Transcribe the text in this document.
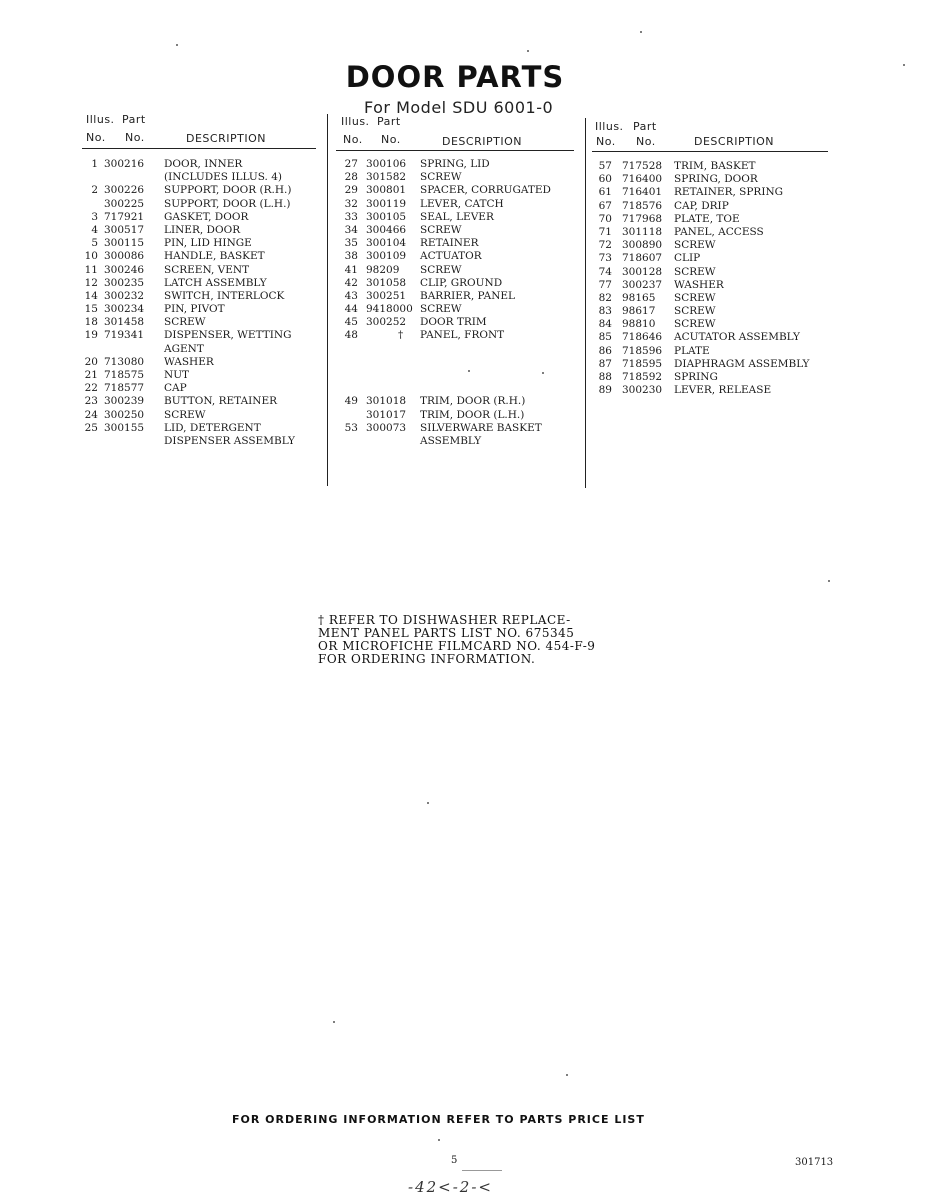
DOOR PARTS
For Model SDU 6001-0
Illus. Part
No. No.	DESCRIPTION
1 300216 DOOR, INNER
(INCLUDES ILLUS. 4)
2 300226 SUPPORT, DOOR (R.H.)
300225 SUPPORT, DOOR (L.H.)
3 717921 GASKET, DOOR
4 300517 LINER, DOOR
5 300115 PIN, LID HINGE
10 300086 HANDLE, BASKET
11 300246 SCREEN, VENT
12 300235 LATCH ASSEMBLY
14 300232 SWITCH, INTERLOCK
15 300234 PIN, PIVOT
18 301458 SCREW
19 719341 DISPENSER, WETTING
AGENT
20 713080 WASHER
21 718575 NUT
22 718577 CAP
23 300239 BUTTON, RETAINER
24 300250 SCREW
25 300155 LID, DETERGENT
DISPENSER ASSEMBLY
Illus. Part
No. No.	DESCRIPTION
27 300106 SPRING, LID
28 301582 SCREW
29 300801 SPACER, CORRUGATED
32 300119 LEVER, CATCH
33 300105 SEAL, LEVER
34 300466 SCREW
35 300104 RETAINER
38 300109 ACTUATOR
41 98209 SCREW
42 301058 CLIP, GROUND
43 300251 BARRIER, PANEL
44 9418000 SCREW
45 300252 DOOR TRIM
48	† PANEL, FRONT
49 301018 TRIM, DOOR (R.H.)
301017 TRIM, DOOR (L.H.)
53 300073 SILVERWARE BASKET
ASSEMBLY
Illus. Part
No. No.	DESCRIPTION
57 717528 TRIM, BASKET
60 716400 SPRING, DOOR
61 716401 RETAINER, SPRING
67 718576 CAP, DRIP
70 717968 PLATE, TOE
71 301118 PANEL, ACCESS
72 300890 SCREW
73 718607 CLIP
74 300128 SCREW
77 300237 WASHER
82 98165 SCREW
83 98617 SCREW
84 98810 SCREW
85 718646 ACUTATOR ASSEMBLY
86 718596 PLATE
87 718595 DIAPHRAGM ASSEMBLY
88 718592 SPRING
89 300230 LEVER, RELEASE
† REFER TO DISHWASHER REPLACE-
MENT PANEL PARTS LIST NO. 675345
OR MICROFICHE FILMCARD NO. 454-F-9
FOR ORDERING INFORMATION.
FOR ORDERING INFORMATION REFER TO PARTS PRICE LIST
5	301713
-42<-2-<
